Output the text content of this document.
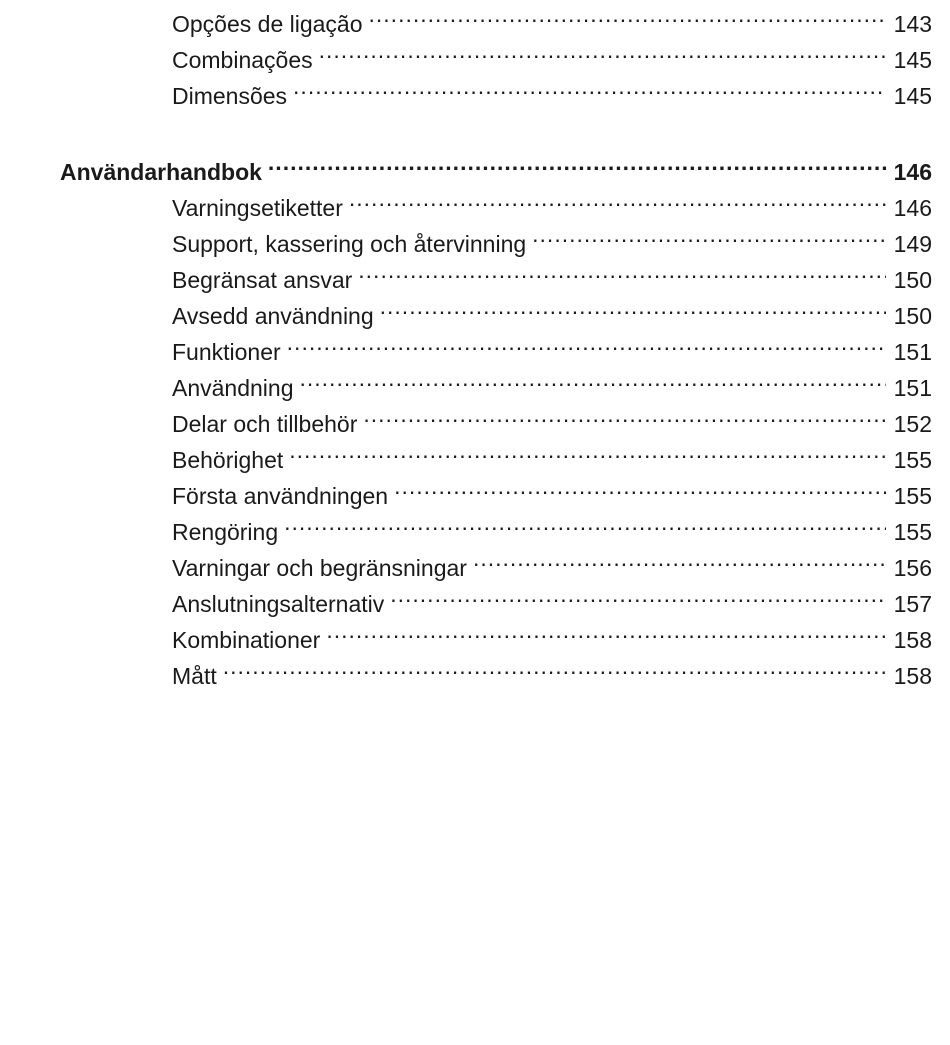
Opções de ligação .....	143
Combinações .....	145
Dimensões .....	145
Användarhandbok .....	146
Varningsetiketter .....	146
Support, kassering och återvinning .....	149
Begränsat ansvar .....	150
Avsedd användning .....	150
Funktioner .....	151
Användning .....	151
Delar och tillbehör .....	152
Behörighet .....	155
Första användningen .....	155
Rengöring .....	155
Varningar och begränsningar .....	156
Anslutningsalternativ .....	157
Kombinationer .....	158
Mått .....	158
